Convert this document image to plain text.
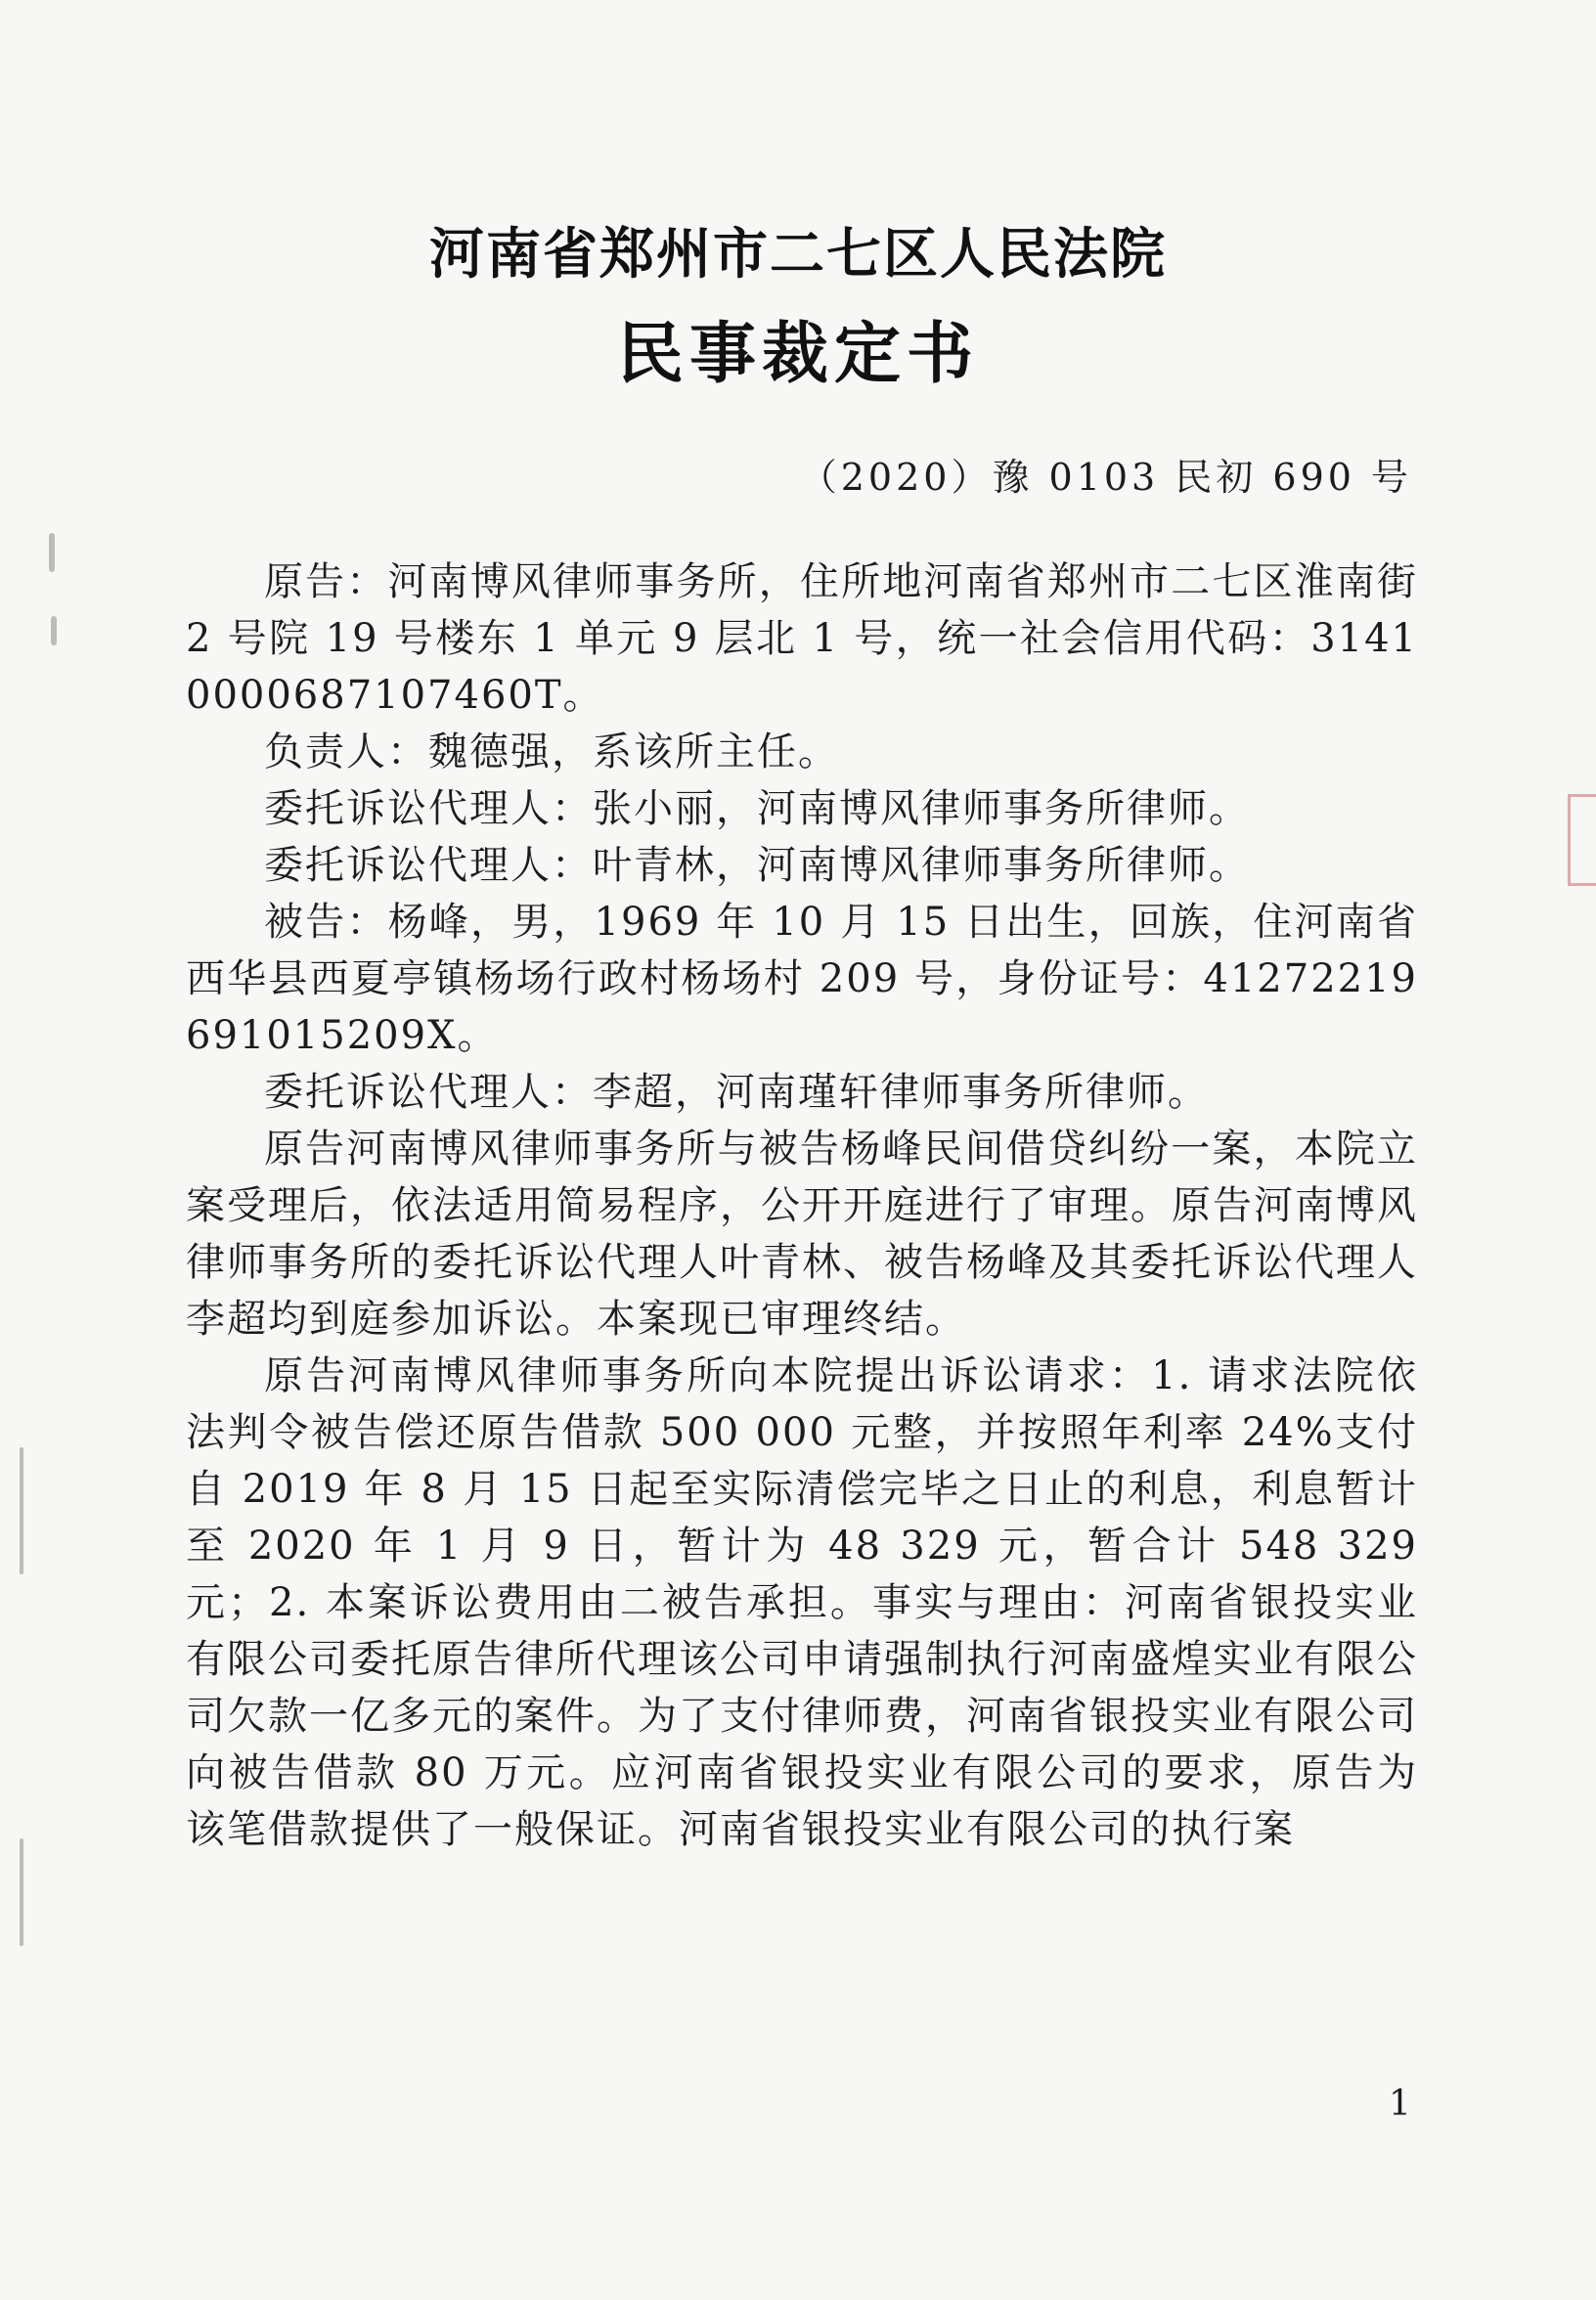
河南省郑州市二七区人民法院
民事裁定书
（2020）豫 0103 民初 690 号

原告：河南博风律师事务所，住所地河南省郑州市二七区淮南街 2 号院 19 号楼东 1 单元 9 层北 1 号，统一社会信用代码：31410000687107460T。

负责人：魏德强，系该所主任。

委托诉讼代理人：张小丽，河南博风律师事务所律师。

委托诉讼代理人：叶青林，河南博风律师事务所律师。

被告：杨峰，男，1969 年 10 月 15 日出生，回族，住河南省西华县西夏亭镇杨场行政村杨场村 209 号，身份证号：41272219691015209X。

委托诉讼代理人：李超，河南瑾轩律师事务所律师。

原告河南博风律师事务所与被告杨峰民间借贷纠纷一案，本院立案受理后，依法适用简易程序，公开开庭进行了审理。原告河南博风律师事务所的委托诉讼代理人叶青林、被告杨峰及其委托诉讼代理人李超均到庭参加诉讼。本案现已审理终结。

原告河南博风律师事务所向本院提出诉讼请求：1. 请求法院依法判令被告偿还原告借款 500 000 元整，并按照年利率 24%支付自 2019 年 8 月 15 日起至实际清偿完毕之日止的利息，利息暂计至 2020 年 1 月 9 日，暂计为 48 329 元，暂合计 548 329 元；2. 本案诉讼费用由二被告承担。事实与理由：河南省银投实业有限公司委托原告律所代理该公司申请强制执行河南盛煌实业有限公司欠款一亿多元的案件。为了支付律师费，河南省银投实业有限公司向被告借款 80 万元。应河南省银投实业有限公司的要求，原告为该笔借款提供了一般保证。河南省银投实业有限公司的执行案

1
